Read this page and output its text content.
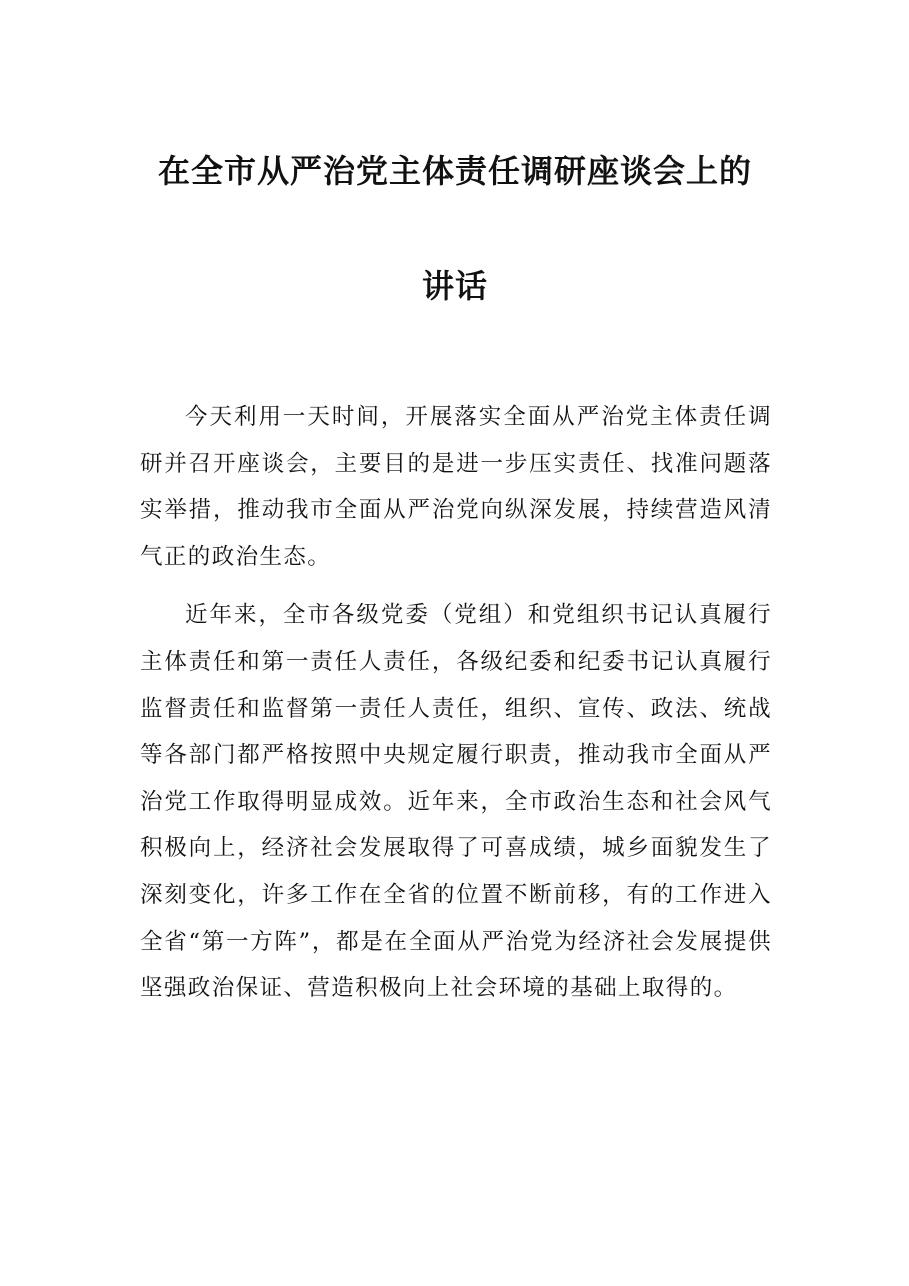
在全市从严治党主体责任调研座谈会上的
讲话

今天利用一天时间，开展落实全面从严治党主体责任调研并召开座谈会，主要目的是进一步压实责任、找准问题落实举措，推动我市全面从严治党向纵深发展，持续营造风清气正的政治生态。

近年来，全市各级党委（党组）和党组织书记认真履行主体责任和第一责任人责任，各级纪委和纪委书记认真履行监督责任和监督第一责任人责任，组织、宣传、政法、统战等各部门都严格按照中央规定履行职责，推动我市全面从严治党工作取得明显成效。近年来，全市政治生态和社会风气积极向上，经济社会发展取得了可喜成绩，城乡面貌发生了深刻变化，许多工作在全省的位置不断前移，有的工作进入全省“第一方阵”，都是在全面从严治党为经济社会发展提供坚强政治保证、营造积极向上社会环境的基础上取得的。
